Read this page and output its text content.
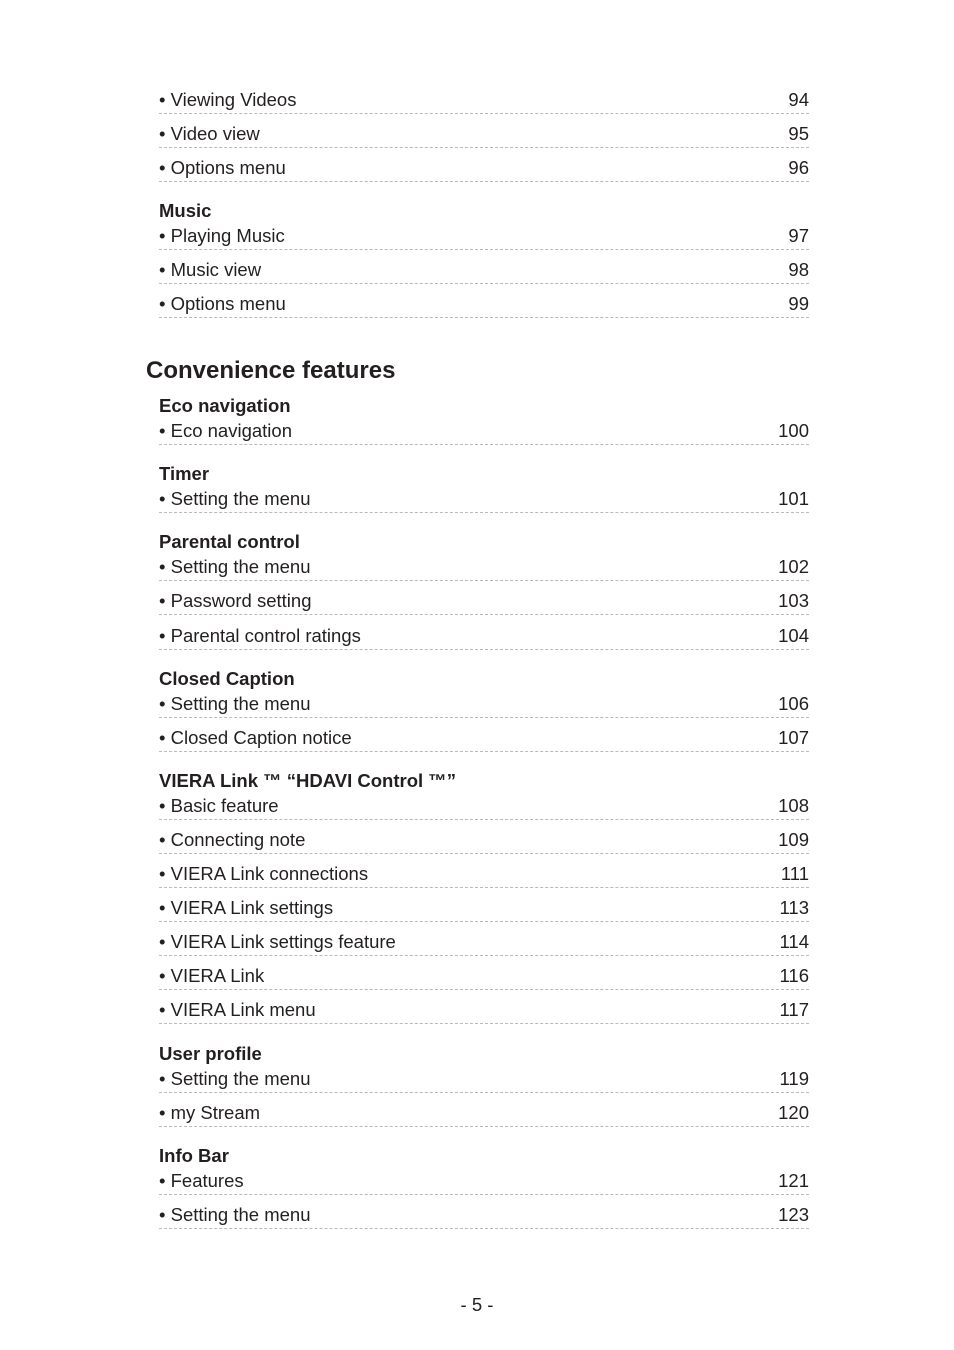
• Viewing Videos	94
• Video view	95
• Options menu	96
Music
• Playing Music	97
• Music view	98
• Options menu	99
Convenience features
Eco navigation
• Eco navigation	100
Timer
• Setting the menu	101
Parental control
• Setting the menu	102
• Password setting	103
• Parental control ratings	104
Closed Caption
• Setting the menu	106
• Closed Caption notice	107
VIERA Link ™ “HDAVI Control ™”
• Basic feature	108
• Connecting note	109
• VIERA Link connections	111
• VIERA Link settings	113
• VIERA Link settings feature	114
• VIERA Link	116
• VIERA Link menu	117
User profile
• Setting the menu	119
• my Stream	120
Info Bar
• Features	121
• Setting the menu	123
- 5 -
